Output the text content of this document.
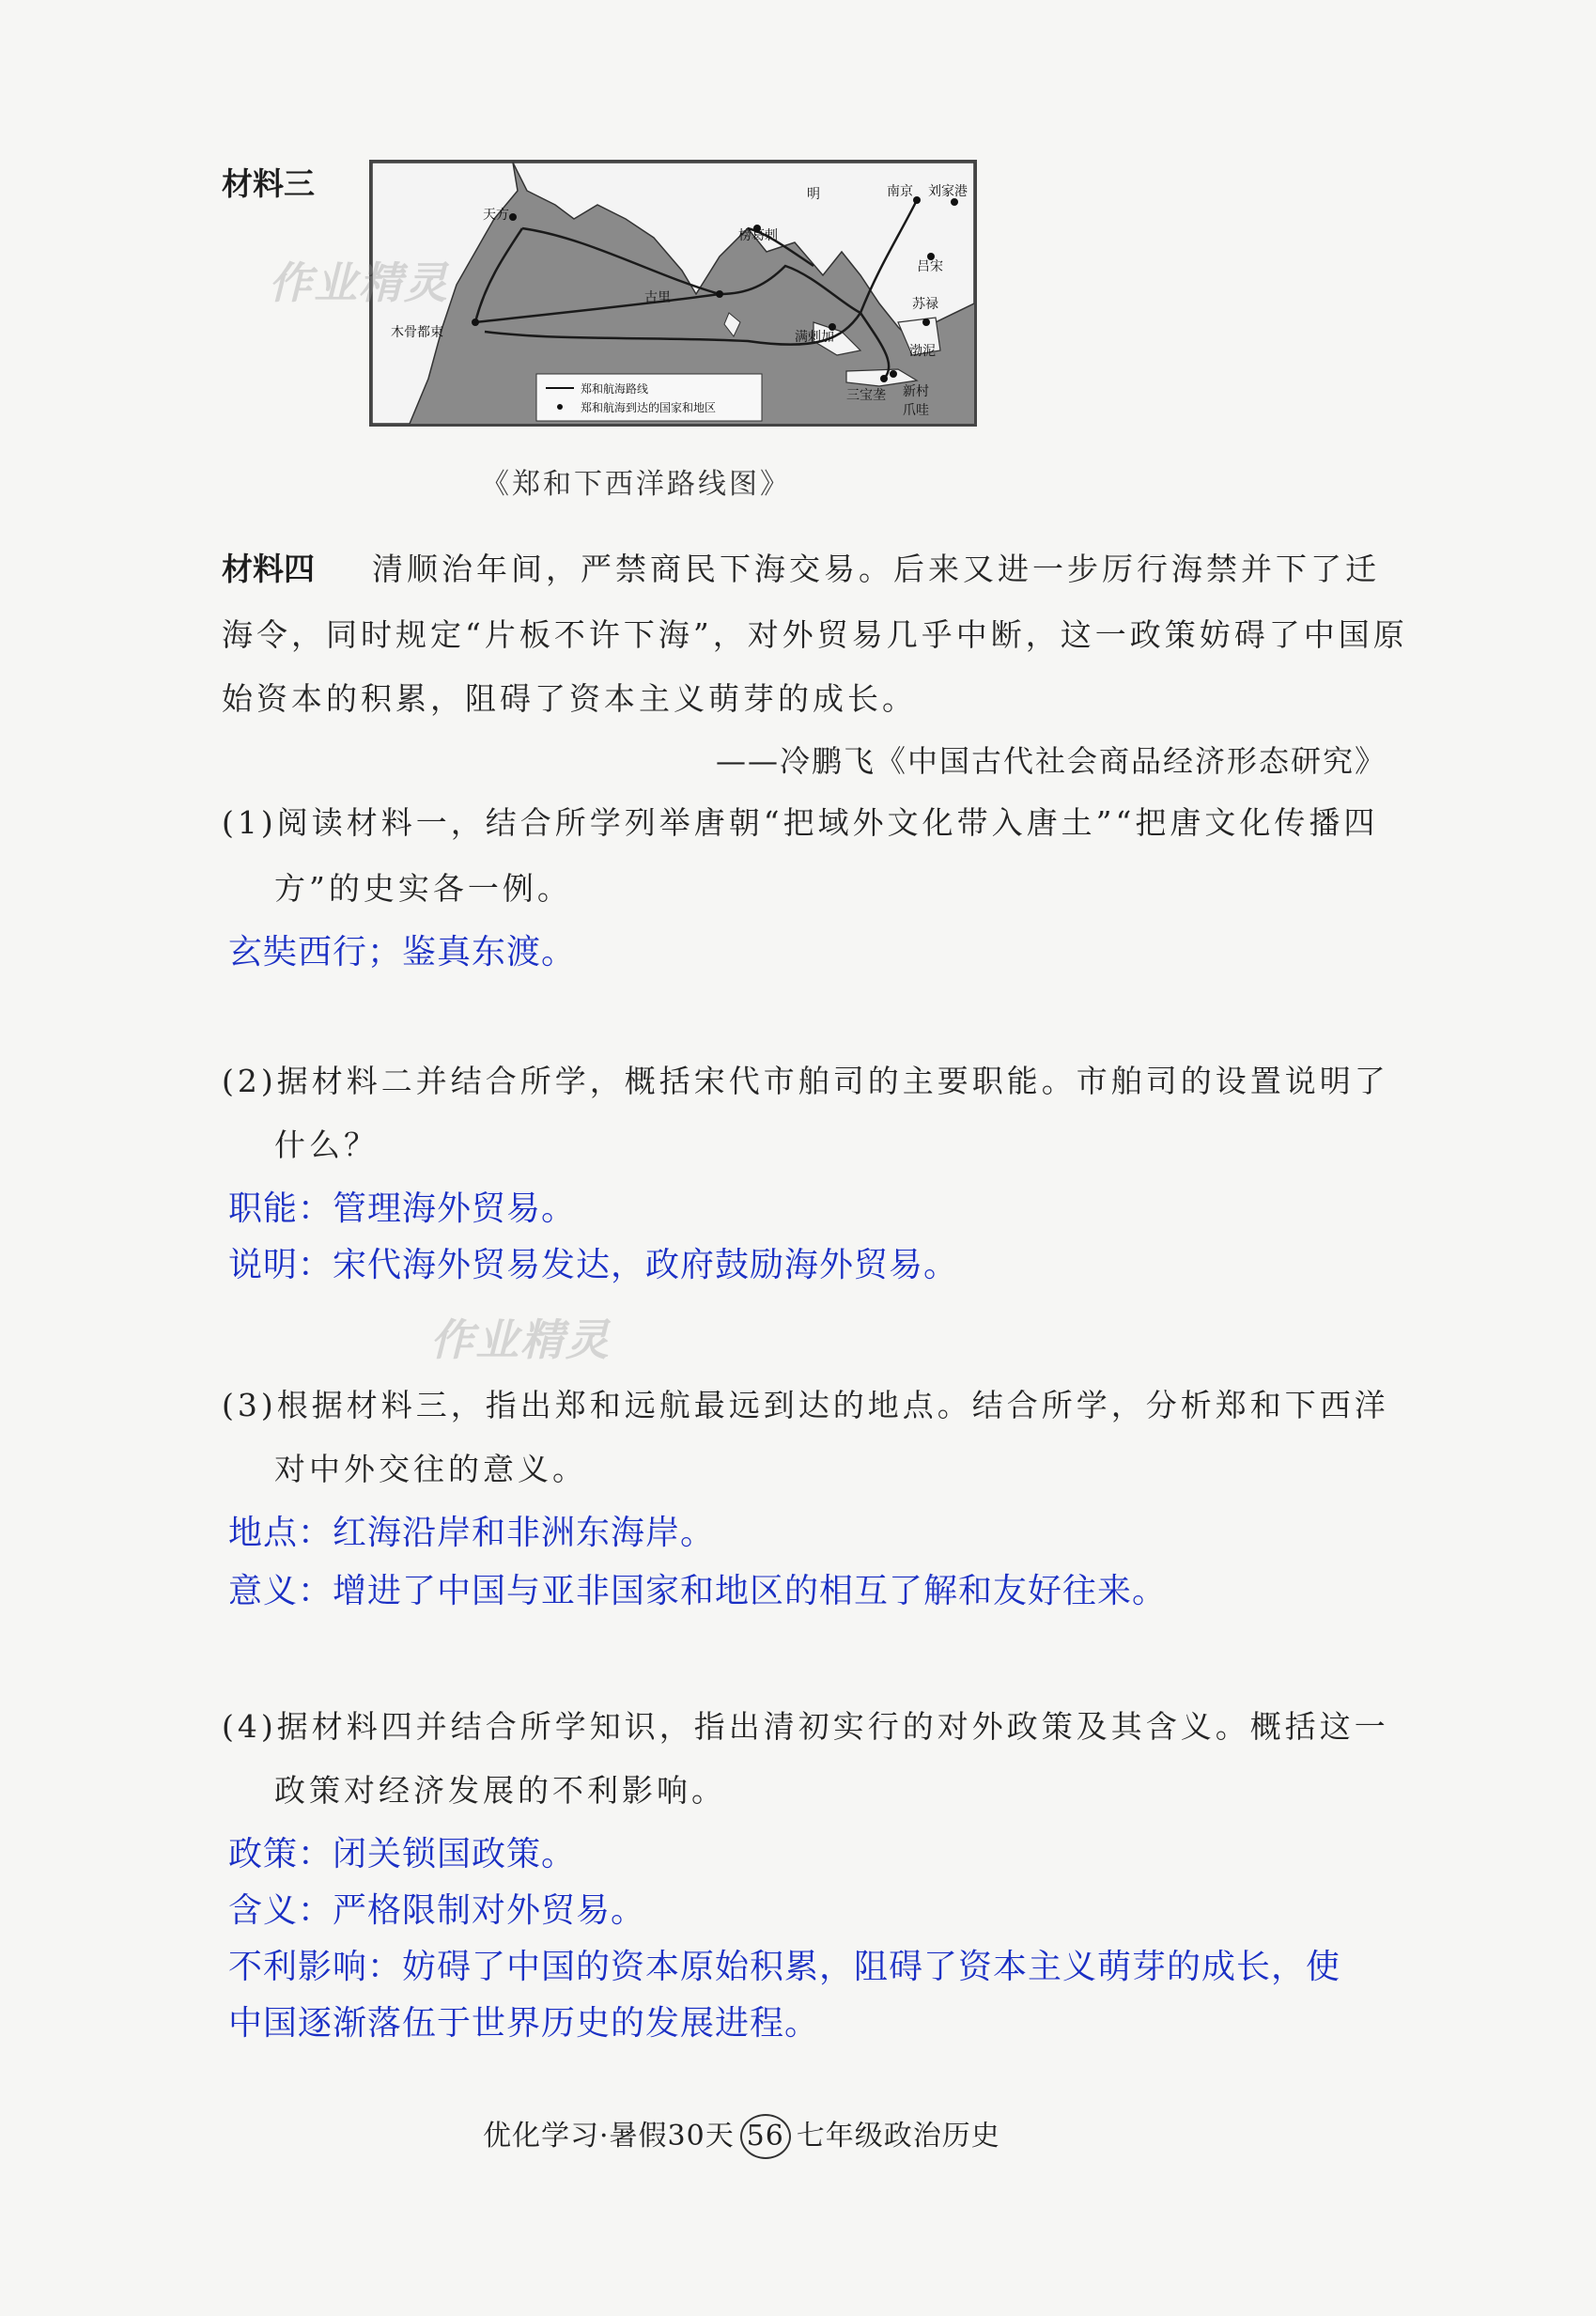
材料三	明	南京 刘家港
天方
榜葛剌
古里
木骨都束	满剌加
苏禄
吕宋
渤泥
三宝垄 新村
爪哇
郑和航海路线
郑和航海到达的国家和地区
《郑和下西洋路线图》
材料四 清顺治年间，严禁商民下海交易。后来又进一步厉行海禁并下了迁
海令，同时规定“片板不许下海”，对外贸易几乎中断，这一政策妨碍了中国原
始资本的积累，阻碍了资本主义萌芽的成长。
——冷鹏飞《中国古代社会商品经济形态研究》
(1)阅读材料一，结合所学列举唐朝“把域外文化带入唐土”“把唐文化传播四
方”的史实各一例。
玄奘西行；鉴真东渡。
(2)据材料二并结合所学，概括宋代市舶司的主要职能。市舶司的设置说明了
什么？
职能：管理海外贸易。
说明：宋代海外贸易发达，政府鼓励海外贸易。
作业精灵
作业精灵
(3)根据材料三，指出郑和远航最远到达的地点。结合所学，分析郑和下西洋
对中外交往的意义。
地点：红海沿岸和非洲东海岸。
意义：增进了中国与亚非国家和地区的相互了解和友好往来。
(4)据材料四并结合所学知识，指出清初实行的对外政策及其含义。概括这一
政策对经济发展的不利影响。
政策：闭关锁国政策。
含义：严格限制对外贸易。
不利影响：妨碍了中国的资本原始积累，阻碍了资本主义萌芽的成长，使
中国逐渐落伍于世界历史的发展进程。
优化学习·暑假30天 56 七年级政治历史
